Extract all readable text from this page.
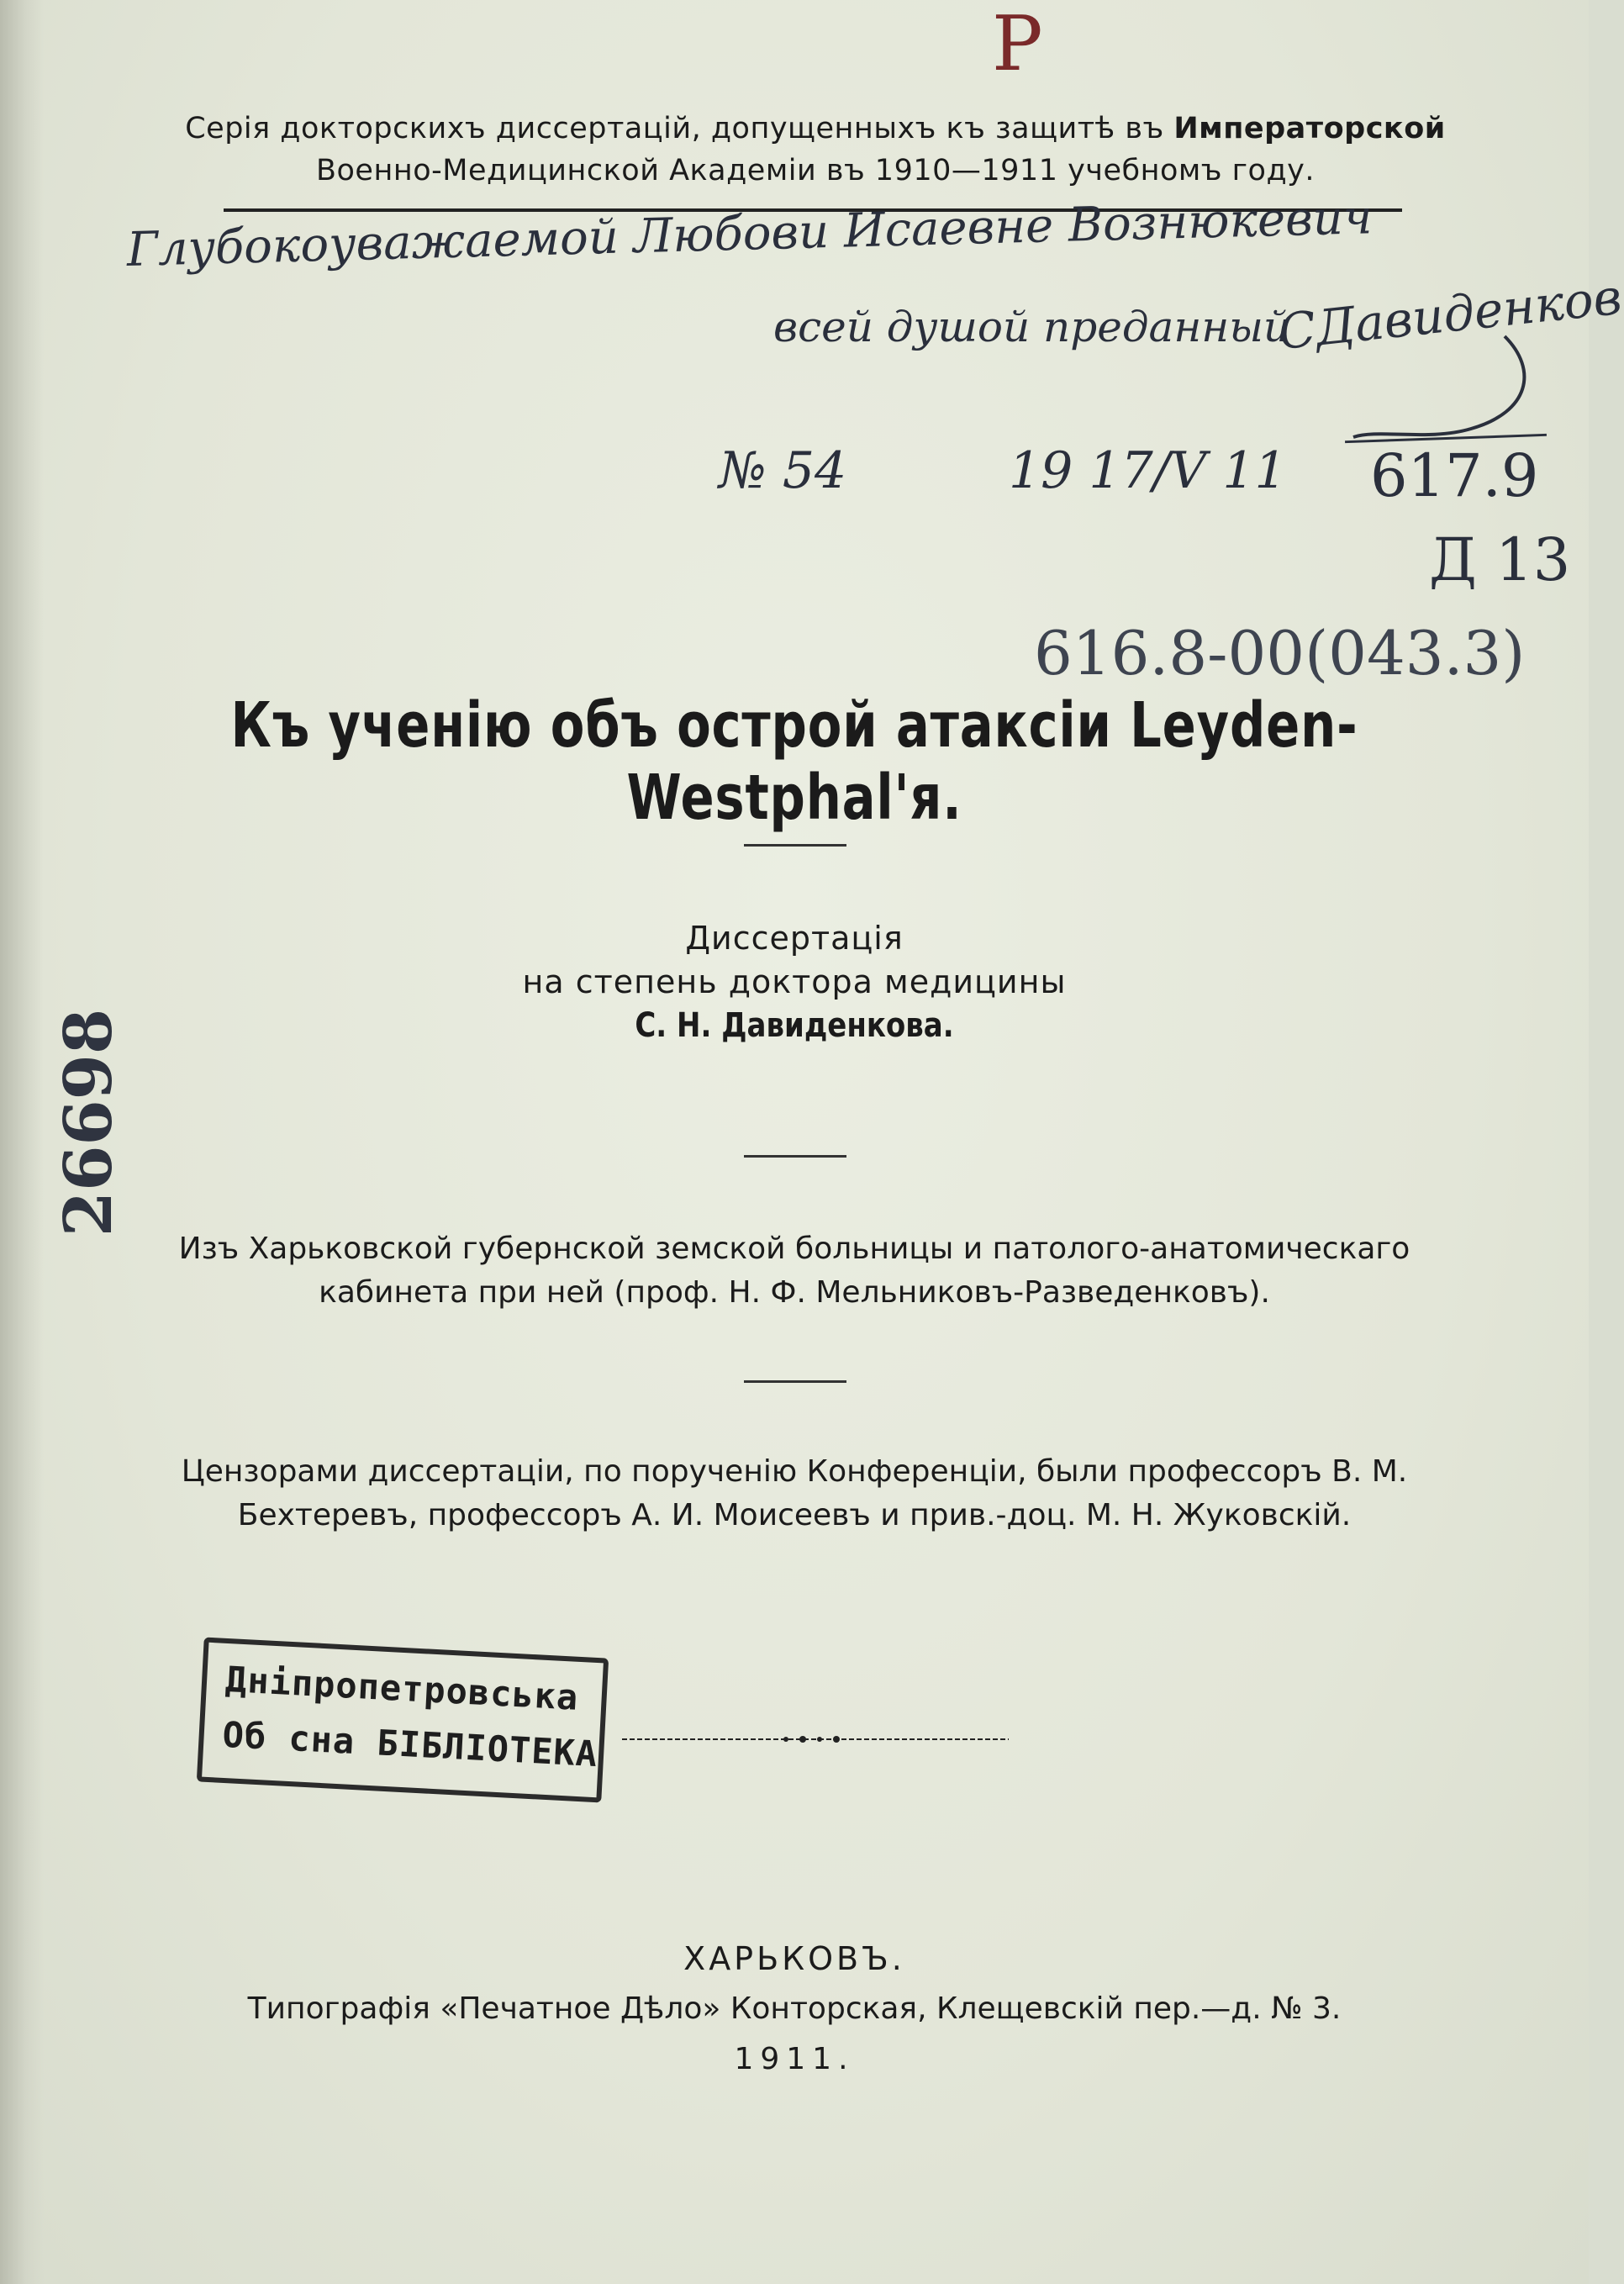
P
Серія докторскихъ диссертацій, допущенныхъ къ защитѣ въ Императорской
Военно-Медицинской Академіи въ 1910—1911 учебномъ году.
Глубокоуважаемой Любови Исаевне Вознюкевич
всей душой преданный
СДавиденков
№ 54	19 17/V 11 617.9
Д 13
616.8-00(043.3)
Къ ученію объ острой атаксіи Leyden-Westphal'я.
Диссертація
на степень доктора медицины
С. Н. Давиденкова.
26698
Изъ Харьковской губернской земской больницы и патолого-анатомическаго
кабинета при ней (проф. Н. Ф. Мельниковъ-Разведенковъ).
Цензорами диссертаціи, по порученію Конференціи, были профессоръ В. М.
Бехтеревъ, профессоръ А. И. Моисеевъ и прив.-доц. М. Н. Жуковскій.
Дніпропетровська
Об сна БІБЛІОТЕКА
ХАРЬКОВЪ.
Типографія «Печатное Дѣло» Конторская, Клещевскій пер.—д. № 3.
1911.
